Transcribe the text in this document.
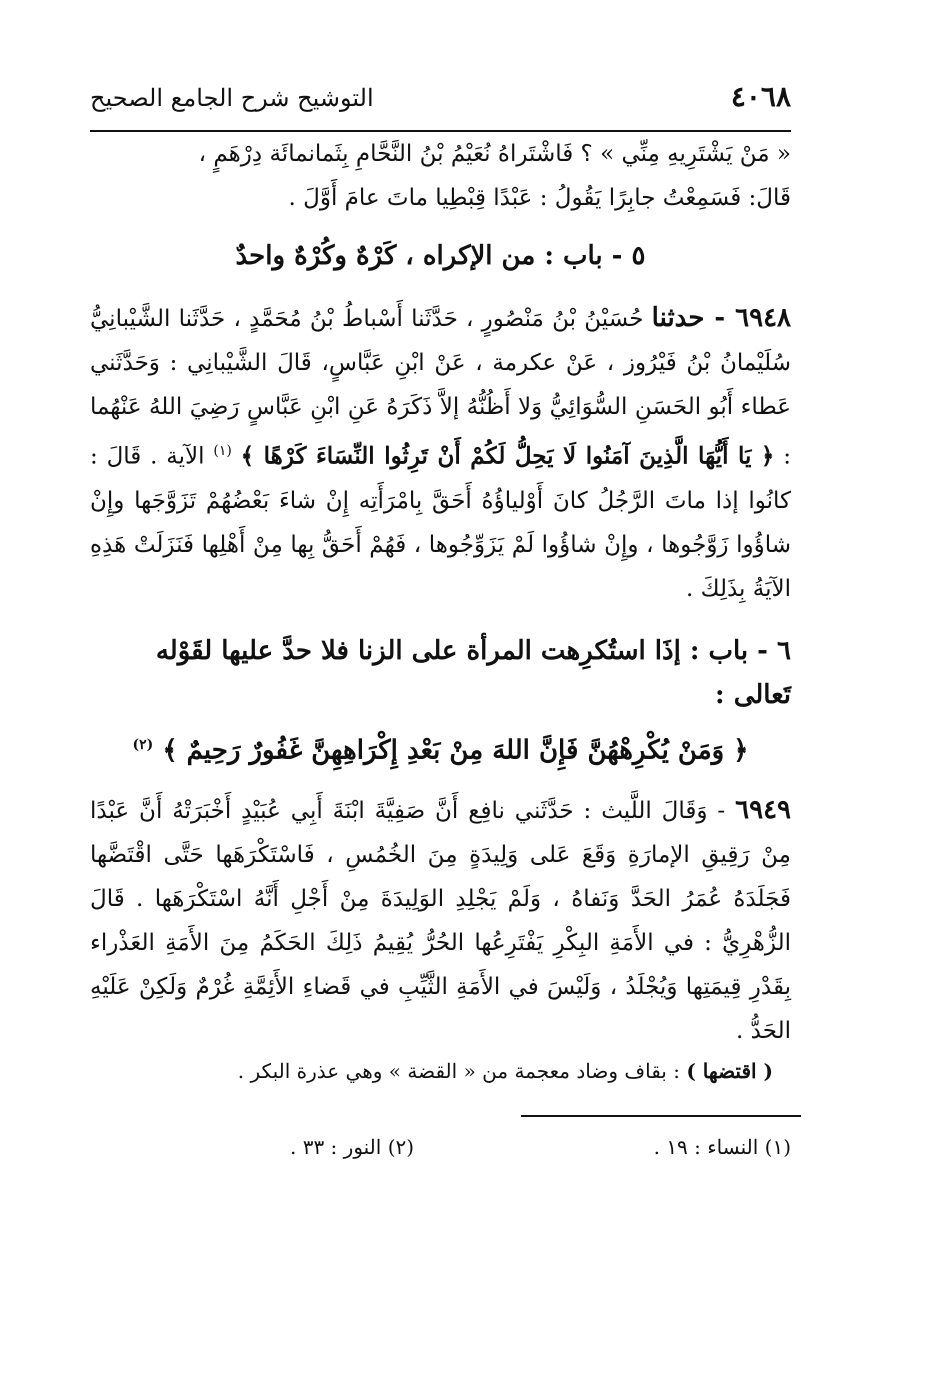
٤٠٦٨
التوشيح شرح الجامع الصحيح

« مَنْ يَشْتَرِيهِ مِنِّي » ؟ فَاشْتَراهُ نُعَيْمُ بْنُ النَّحَّامِ بِثَمانمائَة دِرْهَمٍ ،

قَالَ: فَسَمِعْتُ جابِرًا يَقُولُ : عَبْدًا قِبْطِيا ماتَ عامَ أَوَّلَ .

٥ - باب : من الإكراه ، كَرْهٌ وكُرْهٌ واحدٌ

٦٩٤٨ - حدثنا حُسَيْنُ بْنُ مَنْصُورٍ ، حَدَّثَنا أَسْباطُ بْنُ مُحَمَّدٍ ، حَدَّثَنا الشَّيْبانِيُّ سُلَيْمانُ بْنُ فَيْرُوز ، عَنْ عكرمة ، عَنْ ابْنِ عَبَّاسٍ، قَالَ الشَّيْبانِي : وَحَدَّثَني عَطاء أَبُو الحَسَنِ السُّوَائِيُّ وَلا أَظُنُّهُ إلاَّ ذَكَرَهُ عَنِ ابْنِ عَبَّاسٍ رَضِيَ اللهُ عَنْهُما : ﴿ يَا أَيُّهَا الَّذِينَ آمَنُوا لَا يَحِلُّ لَكُمْ أَنْ تَرِثُوا النِّسَاءَ كَرْهًا ﴾ $^{(١)}$ الآية . قَالَ : كانُوا إذا ماتَ الرَّجُلُ كانَ أَوْلياؤُهُ أَحَقَّ بِامْرَأَتِه إِنْ شاءَ بَعْضُهُمْ تَزَوَّجَها وإِنْ شاؤُوا زَوَّجُوها ، وإِنْ شاؤُوا لَمْ يَزَوِّجُوها ، فَهُمْ أَحَقُّ بِها مِنْ أَهْلِها فَنَزَلَتْ هَذِهِ الآيَةُ بِذَلِكَ .

٦ - باب : إذَا استُكرِهت المرأة على الزنا فلا حدَّ عليها لقَوْله تَعالى :
﴿ وَمَنْ يُكْرِهْهُنَّ فَإِنَّ اللهَ مِنْ بَعْدِ إِكْرَاهِهِنَّ غَفُورٌ رَحِيمٌ ﴾ $^{(٢)}$

٦٩٤٩ - وَقَالَ اللَّيث : حَدَّثَني نافِع أَنَّ صَفِيَّةَ ابْنَةَ أَبِي عُبَيْدٍ أَخْبَرَتْهُ أَنَّ عَبْدًا مِنْ رَقِيقِ الإمارَةِ وَقَعَ عَلى وَلِيدَةٍ مِنَ الخُمُسِ ، فَاسْتَكْرَهَها حَتَّى اقْتَضَّها فَجَلَدَهُ عُمَرُ الحَدَّ وَنَفاهُ ، وَلَمْ يَجْلِدِ الوَلِيدَةَ مِنْ أَجْلِ أَنَّهُ اسْتَكْرَهَها . قَالَ الزُّهْرِيُّ : في الأَمَةِ البِكْرِ يَفْتَرِعُها الحُرُّ يُقِيمُ ذَلِكَ الحَكَمُ مِنَ الأَمَةِ العَذْراء بِقَدْرِ قِيمَتِها وَيُجْلَدُ ، وَلَيْسَ في الأَمَةِ الثَّيِّبِ في قَضاءِ الأَئِمَّةِ غُرْمٌ وَلَكِنْ عَلَيْهِ الحَدُّ .

( اقتضها ) : بقاف وضاد معجمة من « القضة » وهي عذرة البكر .

(١) النساء : ١٩ .
(٢) النور : ٣٣ .
